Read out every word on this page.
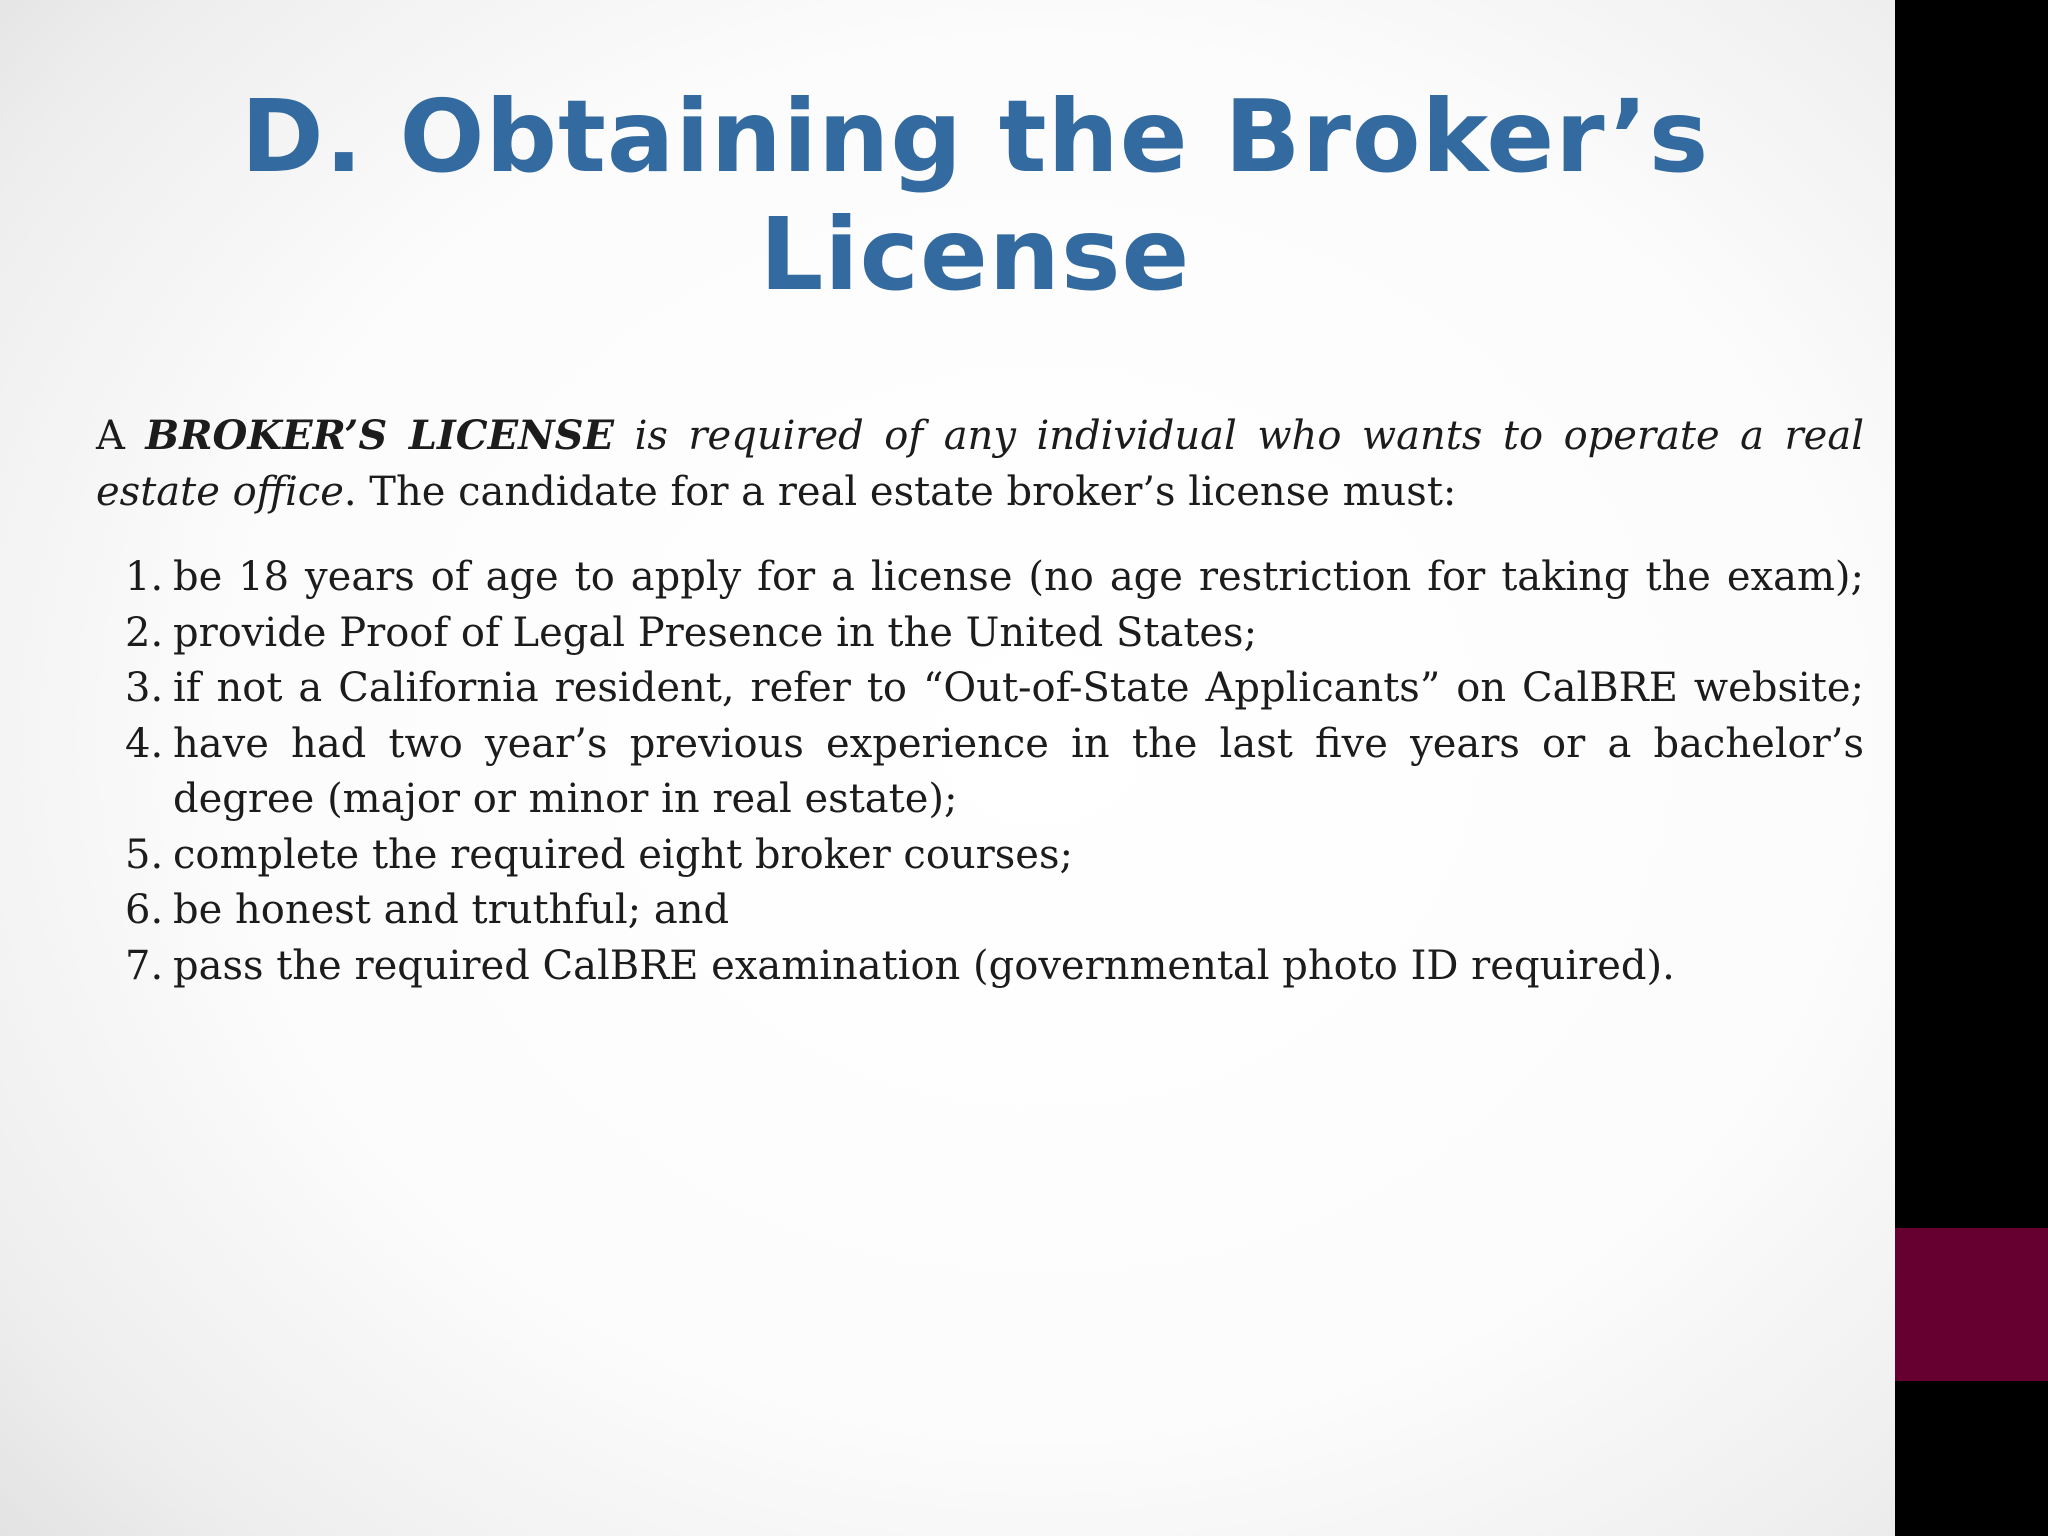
D. Obtaining the Broker’s License

A BROKER’S LICENSE is required of any individual who wants to operate a real estate office. The candidate for a real estate broker’s license must:

1. be 18 years of age to apply for a license (no age restriction for taking the exam);
2. provide Proof of Legal Presence in the United States;
3. if not a California resident, refer to “Out-of-State Applicants” on CalBRE website;
4. have had two year’s previous experience in the last five years or a bachelor’s degree (major or minor in real estate);
5. complete the required eight broker courses;
6. be honest and truthful; and
7. pass the required CalBRE examination (governmental photo ID required).
